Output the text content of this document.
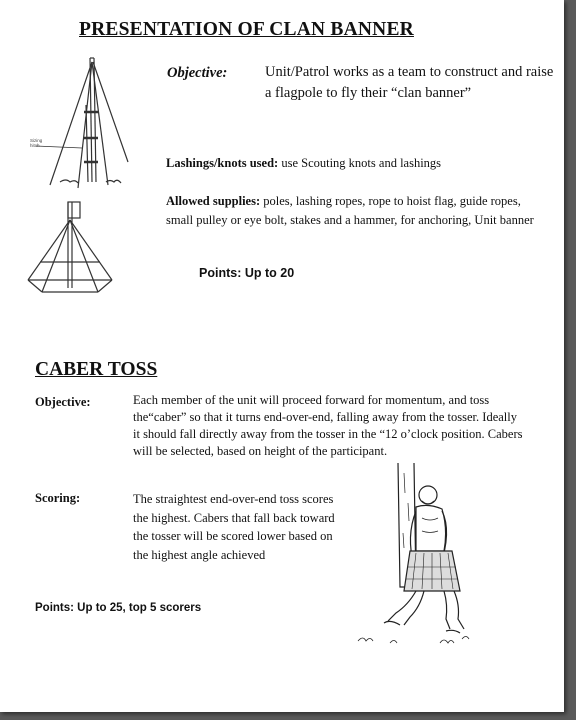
PRESENTATION OF CLAN BANNER
Sizing hitch
Objective:	Unit/Patrol works as a team to construct and raise a flagpole to fly their “clan banner”
Lashings/knots used: use Scouting knots and lashings
Allowed supplies: poles, lashing ropes, rope to hoist flag, guide ropes, small pulley or eye bolt, stakes and a hammer, for anchoring, Unit banner
Points: Up to 20
CABER TOSS
Objective:	Each member of the unit will proceed forward for momentum, and toss the“caber” so that it turns end-over-end, falling away from the tosser. Ideally it should fall directly away from the tosser in the “12 o’clock position. Cabers will be selected, based on height of the participant.
Scoring:	The straightest end-over-end toss scores the highest. Cabers that fall back toward the tosser will be scored lower based on the highest angle achieved
Points: Up to 25, top 5 scorers
